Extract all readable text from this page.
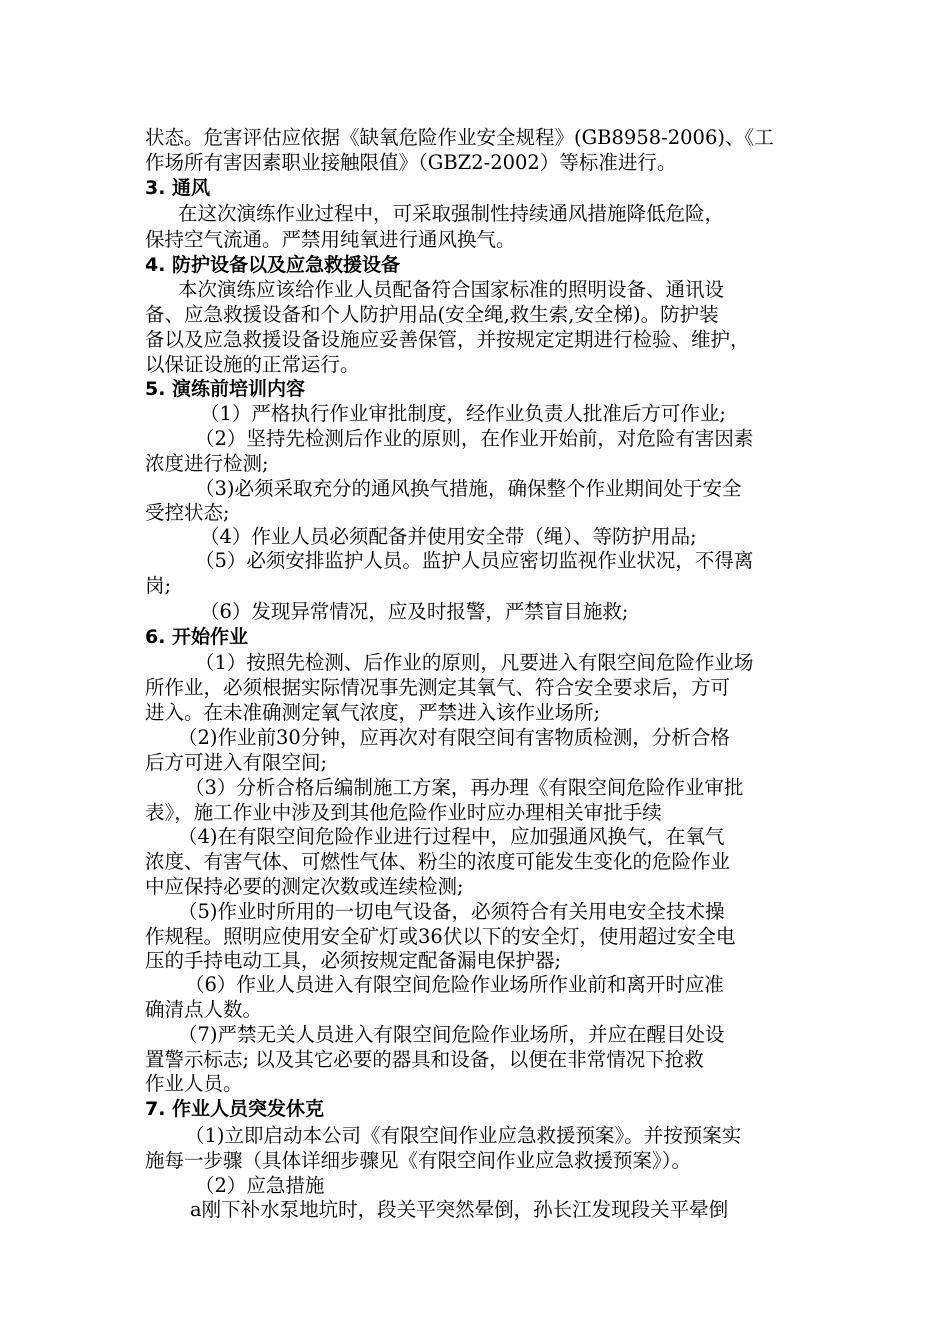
状态。危害评估应依据《缺氧危险作业安全规程》(GB8958-2006)、《工
作场所有害因素职业接触限值》（GBZ2-2002）等标准进行。
3. 通风
在这次演练作业过程中，可采取强制性持续通风措施降低危险，
保持空气流通。严禁用纯氧进行通风换气。
4. 防护设备以及应急救援设备
本次演练应该给作业人员配备符合国家标准的照明设备、通讯设
备、应急救援设备和个人防护用品(安全绳,救生索,安全梯)。防护装
备以及应急救援设备设施应妥善保管，并按规定定期进行检验、维护，
以保证设施的正常运行。
5. 演练前培训内容
（1）严格执行作业审批制度，经作业负责人批准后方可作业;
（2）坚持先检测后作业的原则，在作业开始前，对危险有害因素
浓度进行检测;
（3)必须采取充分的通风换气措施，确保整个作业期间处于安全
受控状态;
（4）作业人员必须配备并使用安全带（绳）、等防护用品;
（5）必须安排监护人员。监护人员应密切监视作业状况，不得离
岗;
（6）发现异常情况，应及时报警，严禁盲目施救;
6. 开始作业
（1）按照先检测、后作业的原则，凡要进入有限空间危险作业场
所作业，必须根据实际情况事先测定其氧气、符合安全要求后，方可
进入。在未准确测定氧气浓度，严禁进入该作业场所;
（2)作业前30分钟，应再次对有限空间有害物质检测，分析合格
后方可进入有限空间;
（3）分析合格后编制施工方案，再办理《有限空间危险作业审批
表》，施工作业中涉及到其他危险作业时应办理相关审批手续
（4)在有限空间危险作业进行过程中，应加强通风换气，在氧气
浓度、有害气体、可燃性气体、粉尘的浓度可能发生变化的危险作业
中应保持必要的测定次数或连续检测;
（5)作业时所用的一切电气设备，必须符合有关用电安全技术操
作规程。照明应使用安全矿灯或36伏以下的安全灯，使用超过安全电
压的手持电动工具，必须按规定配备漏电保护器;
（6）作业人员进入有限空间危险作业场所作业前和离开时应准
确清点人数。
（7)严禁无关人员进入有限空间危险作业场所，并应在醒目处设
置警示标志; 以及其它必要的器具和设备，以便在非常情况下抢救
作业人员。
7. 作业人员突发休克
（1)立即启动本公司《有限空间作业应急救援预案》。并按预案实
施每一步骤（具体详细步骤见《有限空间作业应急救援预案》）。
（2）应急措施
a刚下补水泵地坑时，段关平突然晕倒，孙长江发现段关平晕倒
